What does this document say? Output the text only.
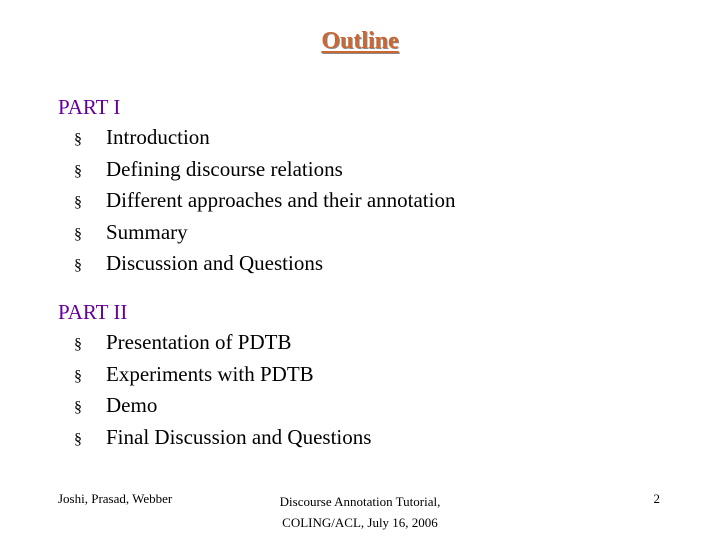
Outline
PART I
§	Introduction
§	Defining discourse relations
§	Different approaches and their annotation
§	Summary
§	Discussion and Questions
PART II
§	Presentation of PDTB
§	Experiments with PDTB
§	Demo
§	Final Discussion and Questions
Joshi, Prasad, Webber	Discourse Annotation Tutorial,
COLING/ACL, July 16, 2006
2
